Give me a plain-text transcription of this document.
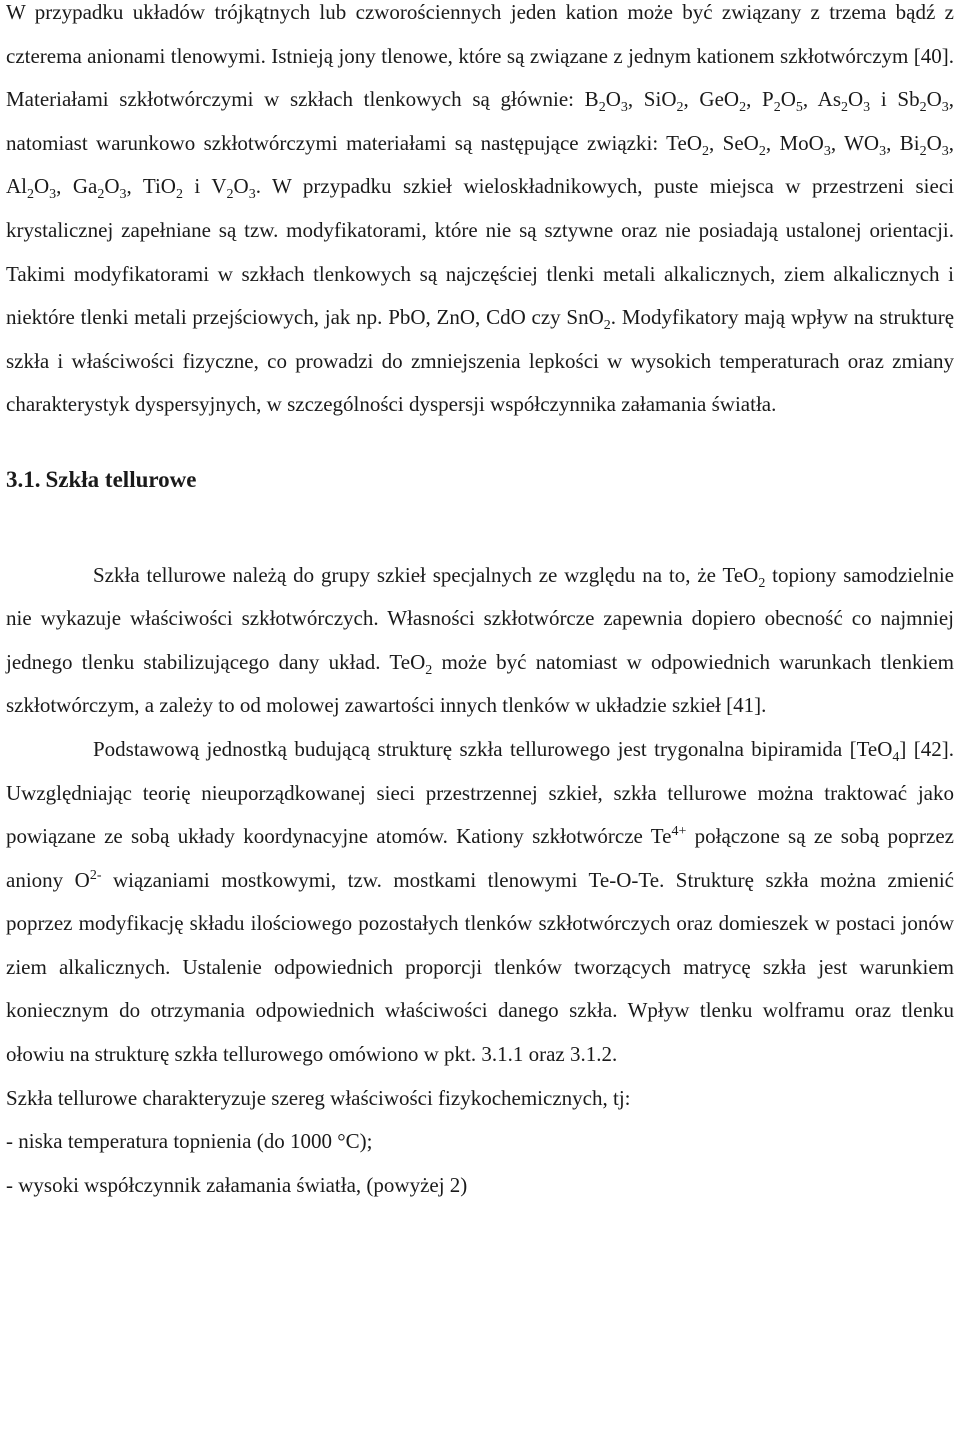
W przypadku układów trójkątnych lub czworościennych jeden kation może być związany z trzema bądź z czterema anionami tlenowymi. Istnieją jony tlenowe, które są związane z jednym kationem szkłotwórczym [40]. Materiałami szkłotwórczymi w szkłach tlenkowych są głównie: $B_2O_3$, SiO$_2$, GeO$_2$, $P_2O_5$, $As_2O_3$ i $Sb_2O_3$, natomiast warunkowo szkłotwórczymi materiałami są następujące związki: TeO$_2$, SeO$_2$, MoO$_3$, $WO_3$, $Bi_2O_3$, $Al_2O_3$, $Ga_2O_3$, TiO$_2$ i $V_2O_3$. W przypadku szkieł wieloskładnikowych, puste miejsca w przestrzeni sieci krystalicznej zapełniane są tzw. modyfikatorami, które nie są sztywne oraz nie posiadają ustalonej orientacji. Takimi modyfikatorami w szkłach tlenkowych są najczęściej tlenki metali alkalicznych, ziem alkalicznych i niektóre tlenki metali przejściowych, jak np. PbO, ZnO, CdO czy SnO$_2$. Modyfikatory mają wpływ na strukturę szkła i właściwości fizyczne, co prowadzi do zmniejszenia lepkości w wysokich temperaturach oraz zmiany charakterystyk dyspersyjnych, w szczególności dyspersji współczynnika załamania światła.

3.1. Szkła tellurowe

Szkła tellurowe należą do grupy szkieł specjalnych ze względu na to, że TeO$_2$ topiony samodzielnie nie wykazuje właściwości szkłotwórczych. Własności szkłotwórcze zapewnia dopiero obecność co najmniej jednego tlenku stabilizującego dany układ. TeO$_2$ może być natomiast w odpowiednich warunkach tlenkiem szkłotwórczym, a zależy to od molowej zawartości innych tlenków w układzie szkieł [41].

Podstawową jednostką budującą strukturę szkła tellurowego jest trygonalna bipiramida [TeO$_4$] [42]. Uwzględniając teorię nieuporządkowanej sieci przestrzennej szkieł, szkła tellurowe można traktować jako powiązane ze sobą układy koordynacyjne atomów. Kationy szkłotwórcze $Te^{4+}$ połączone są ze sobą poprzez aniony $O^{2-}$ wiązaniami mostkowymi, tzw. mostkami tlenowymi Te-O-Te. Strukturę szkła można zmienić poprzez modyfikację składu ilościowego pozostałych tlenków szkłotwórczych oraz domieszek w postaci jonów ziem alkalicznych. Ustalenie odpowiednich proporcji tlenków tworzących matrycę szkła jest warunkiem koniecznym do otrzymania odpowiednich właściwości danego szkła. Wpływ tlenku wolframu oraz tlenku ołowiu na strukturę szkła tellurowego omówiono w pkt. 3.1.1 oraz 3.1.2.

Szkła tellurowe charakteryzuje szereg właściwości fizykochemicznych, tj:

- niska temperatura topnienia (do 1000 °C);

- wysoki współczynnik załamania światła, (powyżej 2)
